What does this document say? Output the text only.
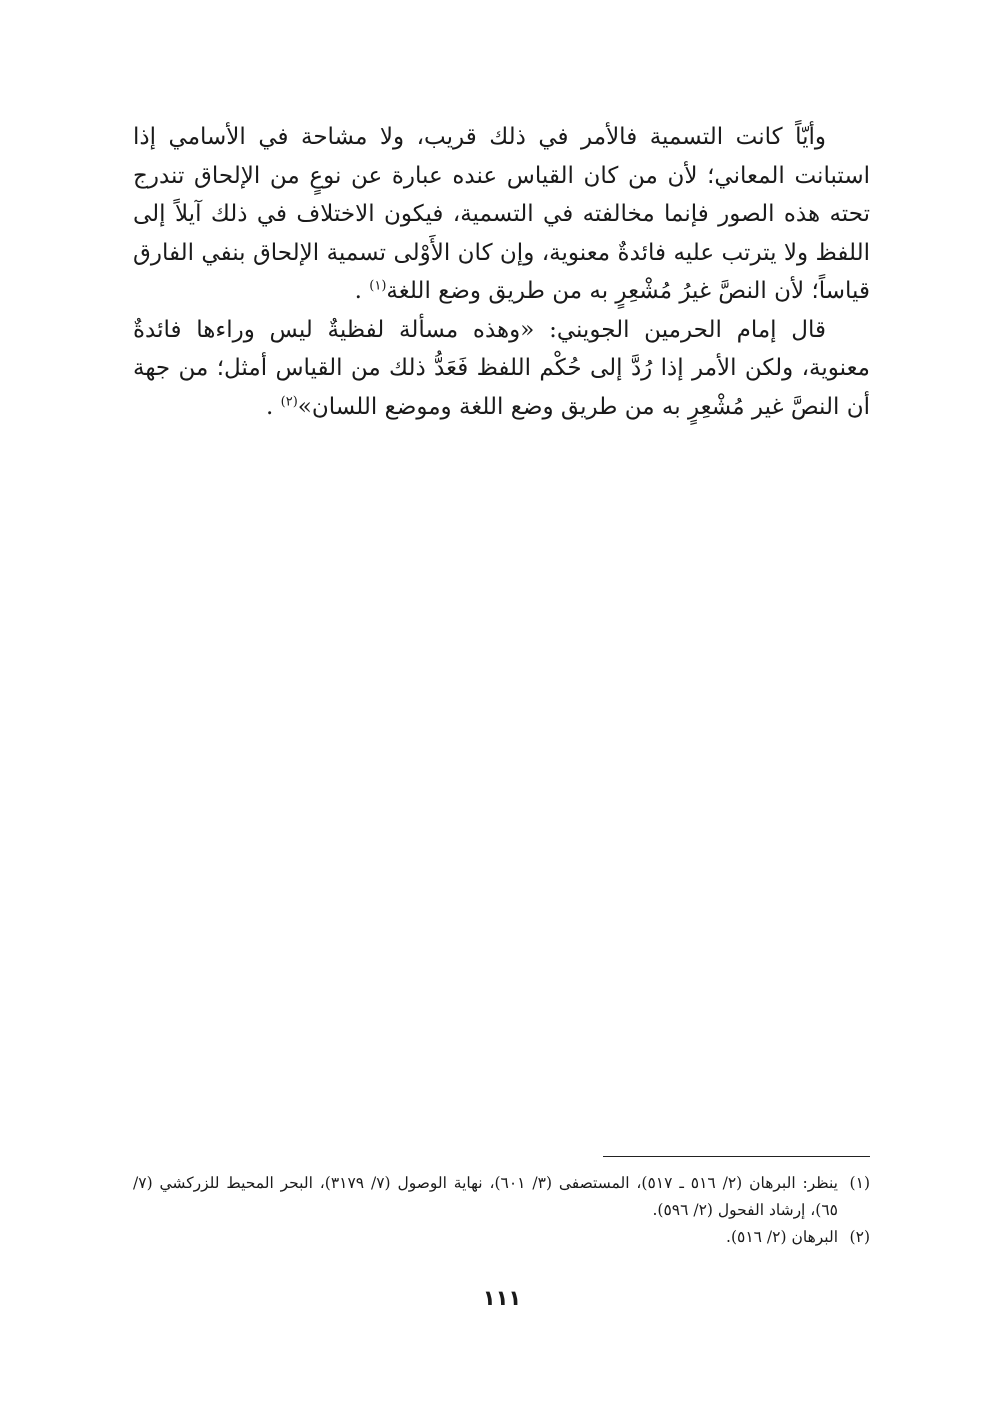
وأيّاً كانت التسمية فالأمر في ذلك قريب، ولا مشاحة في الأسامي إذا استبانت المعاني؛ لأن من كان القياس عنده عبارة عن نوعٍ من الإلحاق تندرج تحته هذه الصور فإنما مخالفته في التسمية، فيكون الاختلاف في ذلك آيلاً إلى اللفظ ولا يترتب عليه فائدةٌ معنوية، وإن كان الأَوْلى تسمية الإلحاق بنفي الفارق قياساً؛ لأن النصَّ غيرُ مُشْعِرٍ به من طريق وضع اللغة$^{(١)}$ .

قال إمام الحرمين الجويني: «وهذه مسألة لفظيةٌ ليس وراءها فائدةٌ معنوية، ولكن الأمر إذا رُدَّ إلى حُكْم اللفظ فَعَدُّ ذلك من القياس أمثل؛ من جهة أن النصَّ غير مُشْعِرٍ به من طريق وضع اللغة وموضع اللسان»$^{(٢)}$ .

(١)
ينظر: البرهان (٢/ ٥١٦ ـ ٥١٧)، المستصفى (٣/ ٦٠١)، نهاية الوصول (٧/ ٣١٧٩)، البحر المحيط للزركشي (٧/ ٦٥)، إرشاد الفحول (٢/ ٥٩٦).
(٢)
البرهان (٢/ ٥١٦).
١١١
